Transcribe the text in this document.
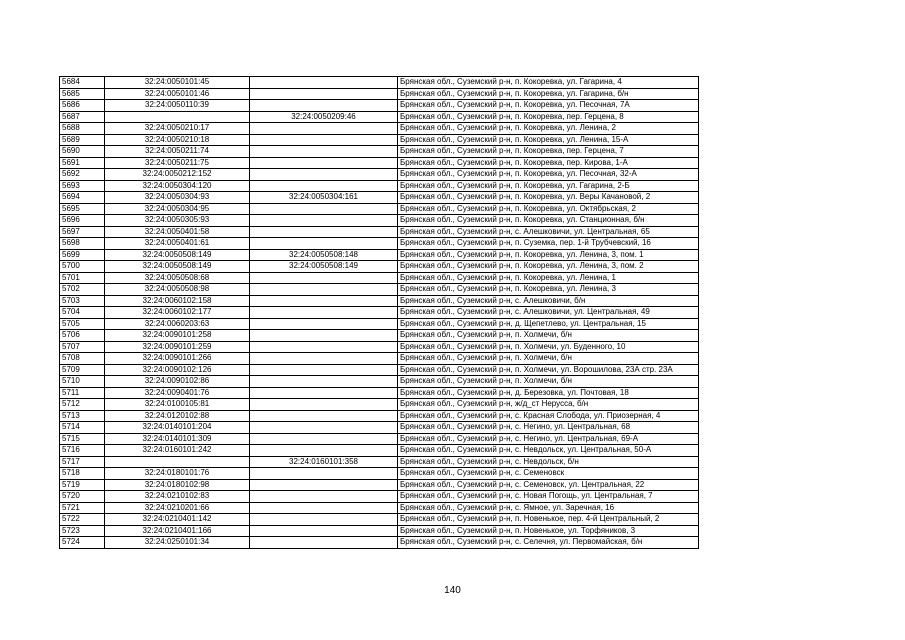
5684	32:24:0050101:45		Брянская обл., Суземский р-н, п. Кокоревка, ул. Гагарина, 4
5685	32:24:0050101:46		Брянская обл., Суземский р-н, п. Кокоревка, ул. Гагарина, б/н
5686	32:24:0050110:39		Брянская обл., Суземский р-н, п. Кокоревка, ул. Песочная, 7А
5687		32:24:0050209:46	Брянская обл., Суземский р-н, п. Кокоревка, пер. Герцена, 8
5688	32:24:0050210:17		Брянская обл., Суземский р-н, п. Кокоревка, ул. Ленина, 2
5689	32:24:0050210:18		Брянская обл., Суземский р-н, п. Кокоревка, ул. Ленина, 15-А
5690	32:24:0050211:74		Брянская обл., Суземский р-н, п. Кокоревка, пер. Герцена, 7
5691	32:24:0050211:75		Брянская обл., Суземский р-н, п. Кокоревка, пер. Кирова, 1-А
5692	32:24:0050212:152		Брянская обл., Суземский р-н, п. Кокоревка, ул. Песочная, 32-А
5693	32:24:0050304:120		Брянская обл., Суземский р-н, п. Кокоревка, ул. Гагарина, 2-Б
5694	32:24:0050304:93	32:24:0050304:161	Брянская обл., Суземский р-н, п. Кокоревка, ул. Веры Качановой, 2
5695	32:24:0050304:95		Брянская обл., Суземский р-н, п. Кокоревка, ул. Октябрьская, 2
5696	32:24:0050305:93		Брянская обл., Суземский р-н, п. Кокоревка, ул. Станционная, б/н
5697	32:24:0050401:58		Брянская обл., Суземский р-н, с. Алешковичи, ул. Центральная, 65
5698	32:24:0050401:61		Брянская обл., Суземский р-н, п. Суземка, пер. 1-й Трубчевский, 16
5699	32:24:0050508:149	32:24:0050508:148	Брянская обл., Суземский р-н, п. Кокоревка, ул. Ленина, 3, пом. 1
5700	32:24:0050508:149	32:24:0050508:149	Брянская обл., Суземский р-н, п. Кокоревка, ул. Ленина, 3, пом. 2
5701	32:24:0050508:68		Брянская обл., Суземский р-н, п. Кокоревка, ул. Ленина, 1
5702	32:24:0050508:98		Брянская обл., Суземский р-н, п. Кокоревка, ул. Ленина, 3
5703	32:24:0060102:158		Брянская обл., Суземский р-н, с. Алешковичи, б/н
5704	32:24:0060102:177		Брянская обл., Суземский р-н, с. Алешковичи, ул. Центральная, 49
5705	32:24:0060203:63		Брянская обл., Суземский р-н, д. Щепетлево, ул. Центральная, 15
5706	32:24:0090101:258		Брянская обл., Суземский р-н, п. Холмечи, б/н
5707	32:24:0090101:259		Брянская обл., Суземский р-н, п. Холмечи, ул. Буденного, 10
5708	32:24:0090101:266		Брянская обл., Суземский р-н, п. Холмечи, б/н
5709	32:24:0090102:126		Брянская обл., Суземский р-н, п. Холмечи, ул. Ворошилова, 23А стр. 23А
5710	32:24:0090102:86		Брянская обл., Суземский р-н, п. Холмечи, б/н
5711	32:24:0090401:76		Брянская обл., Суземский р-н, д. Березовка, ул. Почтовая, 18
5712	32:24:0100105:81		Брянская обл., Суземский р-н, ж/д_ст Нерусса, б/н
5713	32:24:0120102:88		Брянская обл., Суземский р-н, с. Красная Слобода, ул. Приозерная, 4
5714	32:24:0140101:204		Брянская обл., Суземский р-н, с. Негино, ул. Центральная, 68
5715	32:24:0140101:309		Брянская обл., Суземский р-н, с. Негино, ул. Центральная, 69-А
5716	32:24:0160101:242		Брянская обл., Суземский р-н, с. Невдольск, ул. Центральная, 50-А
5717		32:24:0160101:358	Брянская обл., Суземский р-н, с. Невдольск, б/н
5718	32:24:0180101:76		Брянская обл., Суземский р-н, с. Семеновск
5719	32:24:0180102:98		Брянская обл., Суземский р-н, с. Семеновск, ул. Центральная, 22
5720	32:24:0210102:83		Брянская обл., Суземский р-н, с. Новая Погощь, ул. Центральная, 7
5721	32:24:0210201:66		Брянская обл., Суземский р-н, с. Ямное, ул. Заречная, 16
5722	32:24:0210401:142		Брянская обл., Суземский р-н, п. Новенькое, пер. 4-й Центральный, 2
5723	32:24:0210401:166		Брянская обл., Суземский р-н, п. Новенькое, ул. Торфяников, 3
5724	32:24:0250101:34		Брянская обл., Суземский р-н, с. Селечня, ул. Первомайская, б/н
140
